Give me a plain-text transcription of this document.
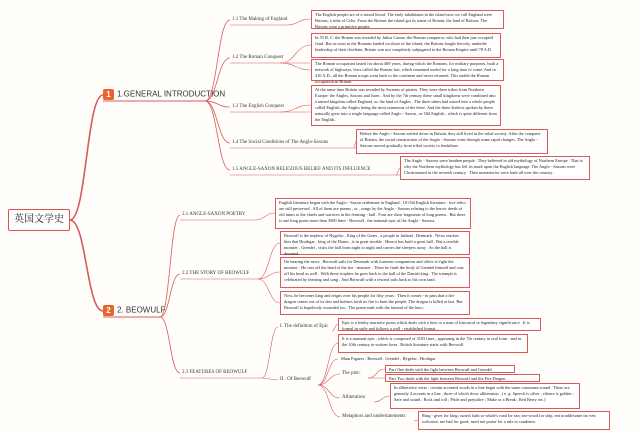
英国文学史
1 1.GENERAL INTRODUCTION
2 2. BEOWULF
1.1 The Making of England
1.2 The Roman Conquest
1.3 The English Conquest
1.4 The Social Conditions of The Anglo-Saxons
1.5 ANGLE-SAXON RELIGIOUS BELIEF AND ITS INFLUENCE
2.1 ANGLE-SAXON POETRY
2.2 THE STORY OF BEOWULF
2.3 FEATURES OF BEOWULF
I. The definition of Epic
II . Of Beowulf
The plot：
Alliteration
Metaphors and understatements
The English people are of a mixed blood. The early inhabitants in the island now we call England were Britons, a tribe of Celts. From the Britons the island got its name of Britain, the land of Britons. The Britons were a primitive people.
In 55 B. C. the Britain was invaded by Julius Caesar, the Roman conqueror, who had then just occupied Gaul. But as soon as the Romans landed on shore of the island, the Britons fought fiercely, underthe leadership of their chieftain. Britain was not completely subjugated to the Roman Empire until 78 A.D.
The Roman occupation lasted for about 400 years, during which the Romans, for military purposes, built a network of highways, laws called the Roman law, which remained useful for a long time to come. And in 410 A.D., all the Roman troops went back to the continent and never returned. This ended the Roman occupation in Britain.
At the same time Britain was invaded by Swarms of pirates. They were three tribes from Northern Europe: the Angles, Saxons and Jutes . And by the 7th century these small kingdoms were combined into a united kingdom called England, or, the land of Angles . The three tribes had mixed into a whole people called English, the Angles being the most numerous of the three. And the three dialects spoken by them naturally grew into a single language called Anglo - Saxon , or Old English , which is quite different from the English.
Before the Anglo - Saxons settled down in Britain, they still lived in the tribal society. After the conquest of Britain, the social construction of the Anglo - Saxons went through some rapid changes. The Anglo - Saxons moved gradually from tribal society to feudalism.
The Anglo - Saxons were heathen people . They believed in old mythology of Northern Europe . That is why the Northern mythology has left its mark upon the English language. The Anglo - Saxons were Christianized in the seventh century . Then monasteries were built all over the country.
English literature began with the Anglo - Saxon settlement in England . Of Old English literature , five relics are still preserved . All of them are poems , or , songs by the Anglo - Saxons relating to the heroic deeds of old times to the chiefs and warriors in the feasting - hall . Four are short fragments of long poems . But there is one long poem more than 3000 lines - Beowulf , the national epic of the Anglo - Saxons.
Beowulf is the nephew of Hygelac , King of the Geats , a people in Jutland , Denmark . News reaches him that Hrothgar , king of the Danes , is in great trouble . Heorot has built a great hall . But a terrible monster , Grendel , visits the hall from night to night and carries the sleepers away . So the hall is deserted.
On hearing the news , Beowulf sails for Denmark with fourteen companions and offers to fight the monster . He cuts off the head of the she - monster . There he finds the body of Grendel himself and cuts off his head as well . With these trophies he goes back to the hall of the Danish king . The triumph is celebrated by feasting and song . And Beowulf with a reward sails back to his own land.
Now, he becomes king and reigns over his people for fifty years . Then it comes - in pass that a fire dragon comes out of its den and bothers forth its fire to burn the people. The dragon is killed at last. But Beowulf is hopelessly wounded too . The poem ends with the funeral of the hero.
Epic is a lenthy narrative poem which deals with a hero or a man of historical or legendary significance . It is formal in strile and follows a well - established format .
It is a national epic , which is composed of 3183 lines , appearing in the 7th century in oral form , and in the 10th century in written form . British literature starts with Beowulf
Main Figures : Beowulf , Grendel , Hygelac , Hrothgar
Part One deals with the fight between Beowulf and Grendel
Part Two deals with the fight between Beowulf and the Fire Dragon .
In alliterative verse , certain accented words in a line begin with the same consonant sound . There are generaly 4 accents in a line , three of which show alliteration . ( e. g. Speech is silver , silence is golden ; Safe and sound ; Rock and roll ; Pride and prejudice ; Make or a Break , Red Berry etc.)
Ring - giver for king; swan's bath or whale's road for sea; sea-wood for ship, ent troublesome far vert welcome; not bad for good; need not praise for a rule to condemn.
